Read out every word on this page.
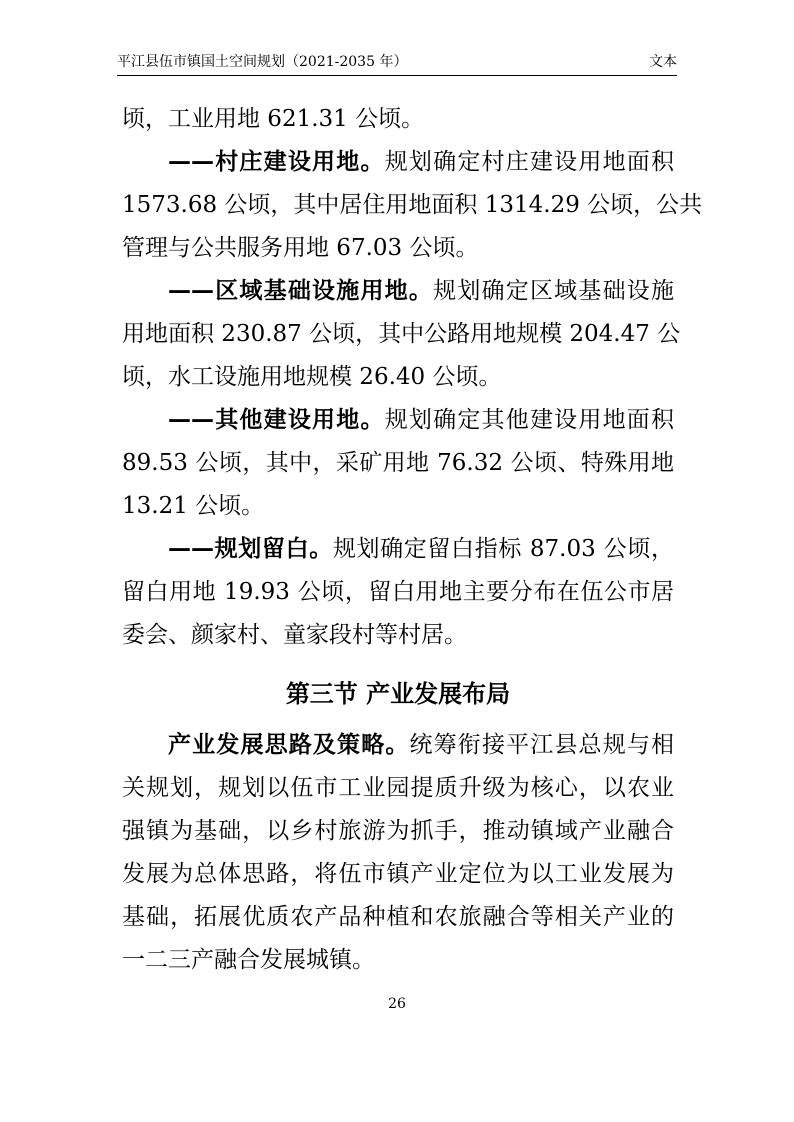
平江县伍市镇国土空间规划（2021-2035 年）	文本
顷，工业用地 621.31 公顷。
——村庄建设用地。规划确定村庄建设用地面积
1573.68 公顷，其中居住用地面积 1314.29 公顷，公共
管理与公共服务用地 67.03 公顷。
——区域基础设施用地。规划确定区域基础设施
用地面积 230.87 公顷，其中公路用地规模 204.47 公
顷，水工设施用地规模 26.40 公顷。
——其他建设用地。规划确定其他建设用地面积
89.53 公顷，其中，采矿用地 76.32 公顷、特殊用地
13.21 公顷。
——规划留白。规划确定留白指标 87.03 公顷，
留白用地 19.93 公顷，留白用地主要分布在伍公市居
委会、颜家村、童家段村等村居。
第三节 产业发展布局
产业发展思路及策略。统筹衔接平江县总规与相
关规划，规划以伍市工业园提质升级为核心，以农业
强镇为基础，以乡村旅游为抓手，推动镇域产业融合
发展为总体思路，将伍市镇产业定位为以工业发展为
基础，拓展优质农产品种植和农旅融合等相关产业的
一二三产融合发展城镇。
26
